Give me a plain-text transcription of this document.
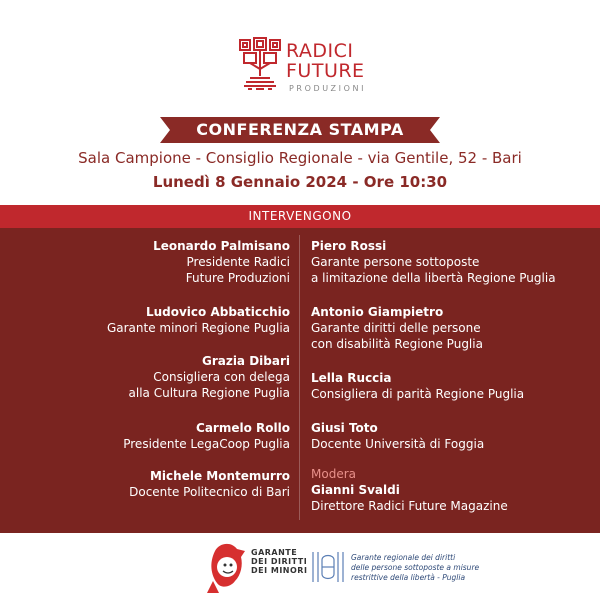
RADICI
FUTURE
PRODUZIONI
CONFERENZA STAMPA
Sala Campione - Consiglio Regionale - via Gentile, 52 - Bari
Lunedì 8 Gennaio 2024 - Ore 10:30
INTERVENGONO
Leonardo Palmisano
Presidente Radici
Future Produzioni
Ludovico Abbaticchio
Garante minori Regione Puglia
Grazia Dibari
Consigliera con delega
alla Cultura Regione Puglia
Carmelo Rollo
Presidente LegaCoop Puglia
Michele Montemurro
Docente Politecnico di Bari
Piero Rossi
Garante persone sottoposte
a limitazione della libertà Regione Puglia
Antonio Giampietro
Garante diritti delle persone
con disabilità Regione Puglia
Lella Ruccia
Consigliera di parità Regione Puglia
Giusi Toto
Docente Università di Foggia
Modera
Gianni Svaldi
Direttore Radici Future Magazine
GARANTE
DEI DIRITTI
DEI MINORI
Garante regionale dei diritti
delle persone sottoposte a misure
restrittive della libertà - Puglia
